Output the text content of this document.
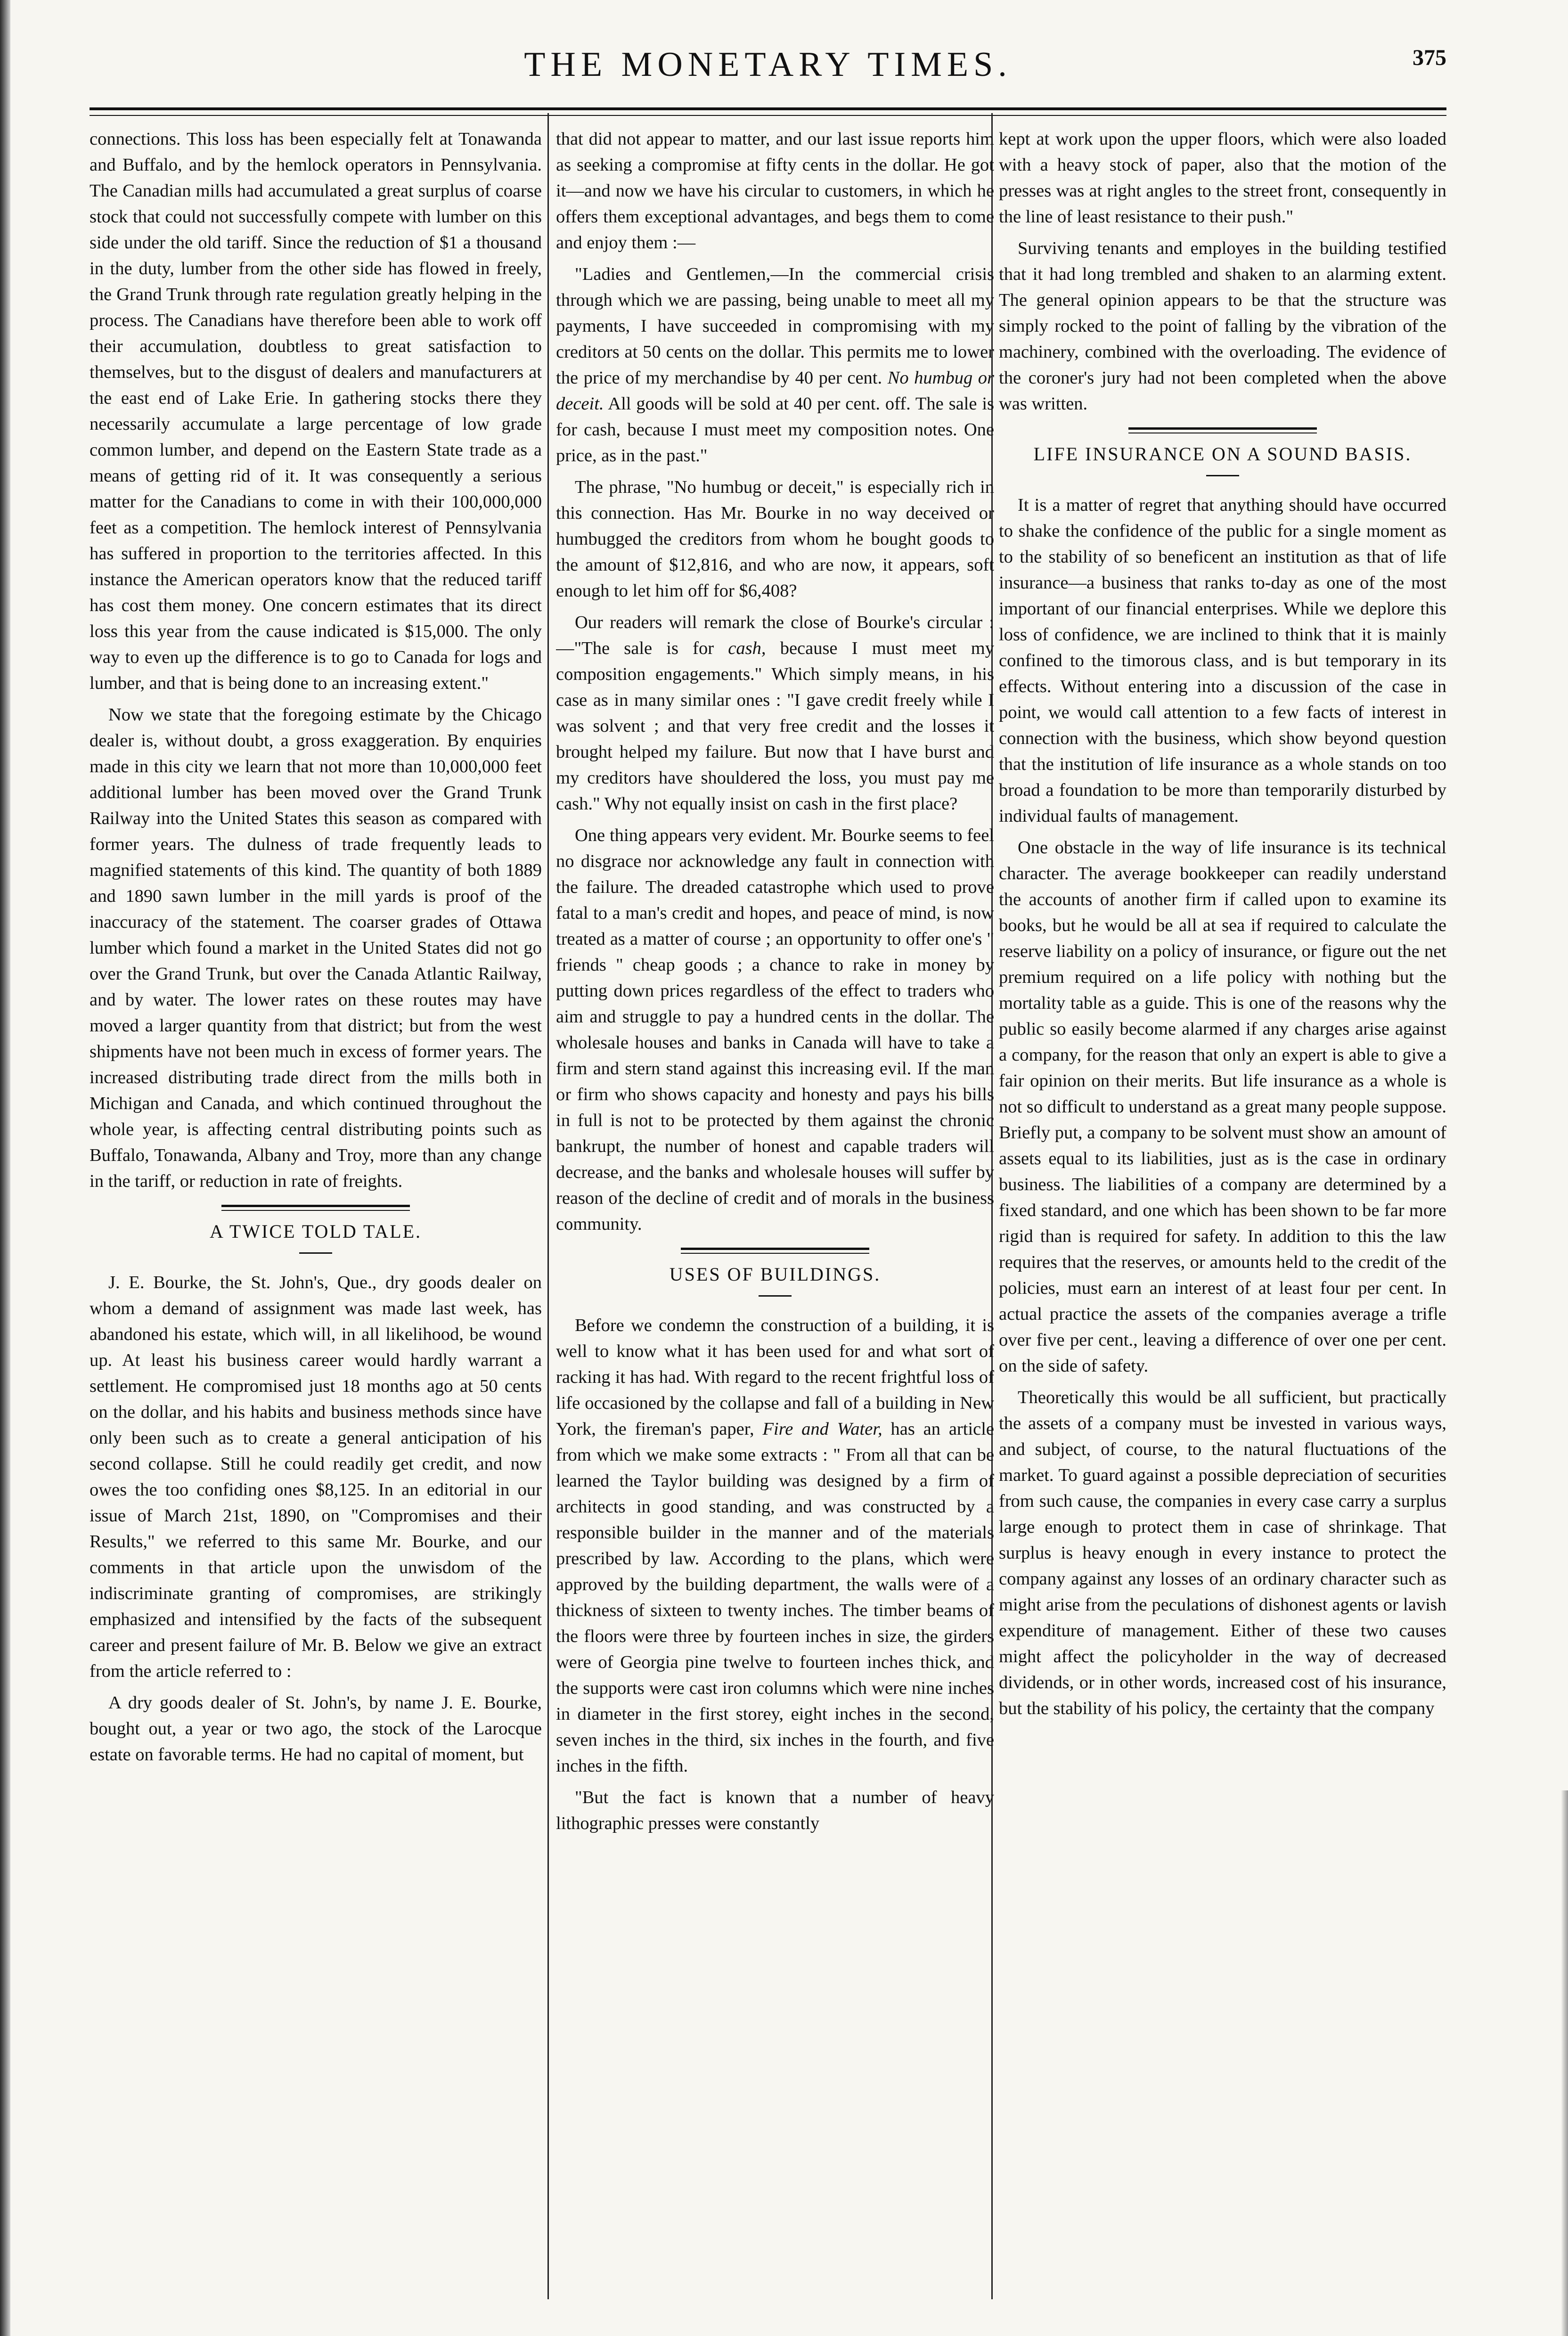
THE MONETARY TIMES.	375

connections. This loss has been especially felt at Tonawanda and Buffalo, and by the hemlock operators in Pennsylvania. The Canadian mills had accumulated a great surplus of coarse stock that could not successfully compete with lumber on this side under the old tariff. Since the reduction of $1 a thousand in the duty, lumber from the other side has flowed in freely, the Grand Trunk through rate regulation greatly helping in the process. The Canadians have therefore been able to work off their accumulation, doubtless to great satisfaction to themselves, but to the disgust of dealers and manufacturers at the east end of Lake Erie. In gathering stocks there they necessarily accumulate a large percentage of low grade common lumber, and depend on the Eastern State trade as a means of getting rid of it. It was consequently a serious matter for the Canadians to come in with their 100,000,000 feet as a competition. The hemlock interest of Pennsylvania has suffered in proportion to the territories affected. In this instance the American operators know that the reduced tariff has cost them money. One concern estimates that its direct loss this year from the cause indicated is $15,000. The only way to even up the difference is to go to Canada for logs and lumber, and that is being done to an increasing extent."

Now we state that the foregoing estimate by the Chicago dealer is, without doubt, a gross exaggeration. By enquiries made in this city we learn that not more than 10,000,000 feet additional lumber has been moved over the Grand Trunk Railway into the United States this season as compared with former years. The dulness of trade frequently leads to magnified statements of this kind. The quantity of both 1889 and 1890 sawn lumber in the mill yards is proof of the inaccuracy of the statement. The coarser grades of Ottawa lumber which found a market in the United States did not go over the Grand Trunk, but over the Canada Atlantic Railway, and by water. The lower rates on these routes may have moved a larger quantity from that district; but from the west shipments have not been much in excess of former years. The increased distributing trade direct from the mills both in Michigan and Canada, and which continued throughout the whole year, is affecting central distributing points such as Buffalo, Tonawanda, Albany and Troy, more than any change in the tariff, or reduction in rate of freights.

A TWICE TOLD TALE.

J. E. Bourke, the St. John's, Que., dry goods dealer on whom a demand of assignment was made last week, has abandoned his estate, which will, in all likelihood, be wound up. At least his business career would hardly warrant a settlement. He compromised just 18 months ago at 50 cents on the dollar, and his habits and business methods since have only been such as to create a general anticipation of his second collapse. Still he could readily get credit, and now owes the too confiding ones $8,125. In an editorial in our issue of March 21st, 1890, on "Compromises and their Results," we referred to this same Mr. Bourke, and our comments in that article upon the unwisdom of the indiscriminate granting of compromises, are strikingly emphasized and intensified by the facts of the subsequent career and present failure of Mr. B. Below we give an extract from the article referred to :

A dry goods dealer of St. John's, by name J. E. Bourke, bought out, a year or two ago, the stock of the Larocque estate on favorable terms. He had no capital of moment, but

that did not appear to matter, and our last issue reports him as seeking a compromise at fifty cents in the dollar. He got it—and now we have his circular to customers, in which he offers them exceptional advantages, and begs them to come and enjoy them :—

"Ladies and Gentlemen,—In the commercial crisis through which we are passing, being unable to meet all my payments, I have succeeded in compromising with my creditors at 50 cents on the dollar. This permits me to lower the price of my merchandise by 40 per cent. No humbug or deceit. All goods will be sold at 40 per cent. off. The sale is for cash, because I must meet my composition notes. One price, as in the past."

The phrase, "No humbug or deceit," is especially rich in this connection. Has Mr. Bourke in no way deceived or humbugged the creditors from whom he bought goods to the amount of $12,816, and who are now, it appears, soft enough to let him off for $6,408?

Our readers will remark the close of Bourke's circular :—"The sale is for cash, because I must meet my composition engagements." Which simply means, in his case as in many similar ones : "I gave credit freely while I was solvent ; and that very free credit and the losses it brought helped my failure. But now that I have burst and my creditors have shouldered the loss, you must pay me cash." Why not equally insist on cash in the first place?

One thing appears very evident. Mr. Bourke seems to feel no disgrace nor acknowledge any fault in connection with the failure. The dreaded catastrophe which used to prove fatal to a man's credit and hopes, and peace of mind, is now treated as a matter of course ; an opportunity to offer one's " friends " cheap goods ; a chance to rake in money by putting down prices regardless of the effect to traders who aim and struggle to pay a hundred cents in the dollar. The wholesale houses and banks in Canada will have to take a firm and stern stand against this increasing evil. If the man or firm who shows capacity and honesty and pays his bills in full is not to be protected by them against the chronic bankrupt, the number of honest and capable traders will decrease, and the banks and wholesale houses will suffer by reason of the decline of credit and of morals in the business community.

USES OF BUILDINGS.

Before we condemn the construction of a building, it is well to know what it has been used for and what sort of racking it has had. With regard to the recent frightful loss of life occasioned by the collapse and fall of a building in New York, the fireman's paper, Fire and Water, has an article from which we make some extracts : " From all that can be learned the Taylor building was designed by a firm of architects in good standing, and was constructed by a responsible builder in the manner and of the materials prescribed by law. According to the plans, which were approved by the building department, the walls were of a thickness of sixteen to twenty inches. The timber beams of the floors were three by fourteen inches in size, the girders were of Georgia pine twelve to fourteen inches thick, and the supports were cast iron columns which were nine inches in diameter in the first storey, eight inches in the second, seven inches in the third, six inches in the fourth, and five inches in the fifth.

"But the fact is known that a number of heavy lithographic presses were constantly

kept at work upon the upper floors, which were also loaded with a heavy stock of paper, also that the motion of the presses was at right angles to the street front, consequently in the line of least resistance to their push."

Surviving tenants and employes in the building testified that it had long trembled and shaken to an alarming extent. The general opinion appears to be that the structure was simply rocked to the point of falling by the vibration of the machinery, combined with the overloading. The evidence of the coroner's jury had not been completed when the above was written.

LIFE INSURANCE ON A SOUND BASIS.

It is a matter of regret that anything should have occurred to shake the confidence of the public for a single moment as to the stability of so beneficent an institution as that of life insurance—a business that ranks to-day as one of the most important of our financial enterprises. While we deplore this loss of confidence, we are inclined to think that it is mainly confined to the timorous class, and is but temporary in its effects. Without entering into a discussion of the case in point, we would call attention to a few facts of interest in connection with the business, which show beyond question that the institution of life insurance as a whole stands on too broad a foundation to be more than temporarily disturbed by individual faults of management.

One obstacle in the way of life insurance is its technical character. The average bookkeeper can readily understand the accounts of another firm if called upon to examine its books, but he would be all at sea if required to calculate the reserve liability on a policy of insurance, or figure out the net premium required on a life policy with nothing but the mortality table as a guide. This is one of the reasons why the public so easily become alarmed if any charges arise against a company, for the reason that only an expert is able to give a fair opinion on their merits. But life insurance as a whole is not so difficult to understand as a great many people suppose. Briefly put, a company to be solvent must show an amount of assets equal to its liabilities, just as is the case in ordinary business. The liabilities of a company are determined by a fixed standard, and one which has been shown to be far more rigid than is required for safety. In addition to this the law requires that the reserves, or amounts held to the credit of the policies, must earn an interest of at least four per cent. In actual practice the assets of the companies average a trifle over five per cent., leaving a difference of over one per cent. on the side of safety.

Theoretically this would be all sufficient, but practically the assets of a company must be invested in various ways, and subject, of course, to the natural fluctuations of the market. To guard against a possible depreciation of securities from such cause, the companies in every case carry a surplus large enough to protect them in case of shrinkage. That surplus is heavy enough in every instance to protect the company against any losses of an ordinary character such as might arise from the peculations of dishonest agents or lavish expenditure of management. Either of these two causes might affect the policyholder in the way of decreased dividends, or in other words, increased cost of his insurance, but the stability of his policy, the certainty that the company
